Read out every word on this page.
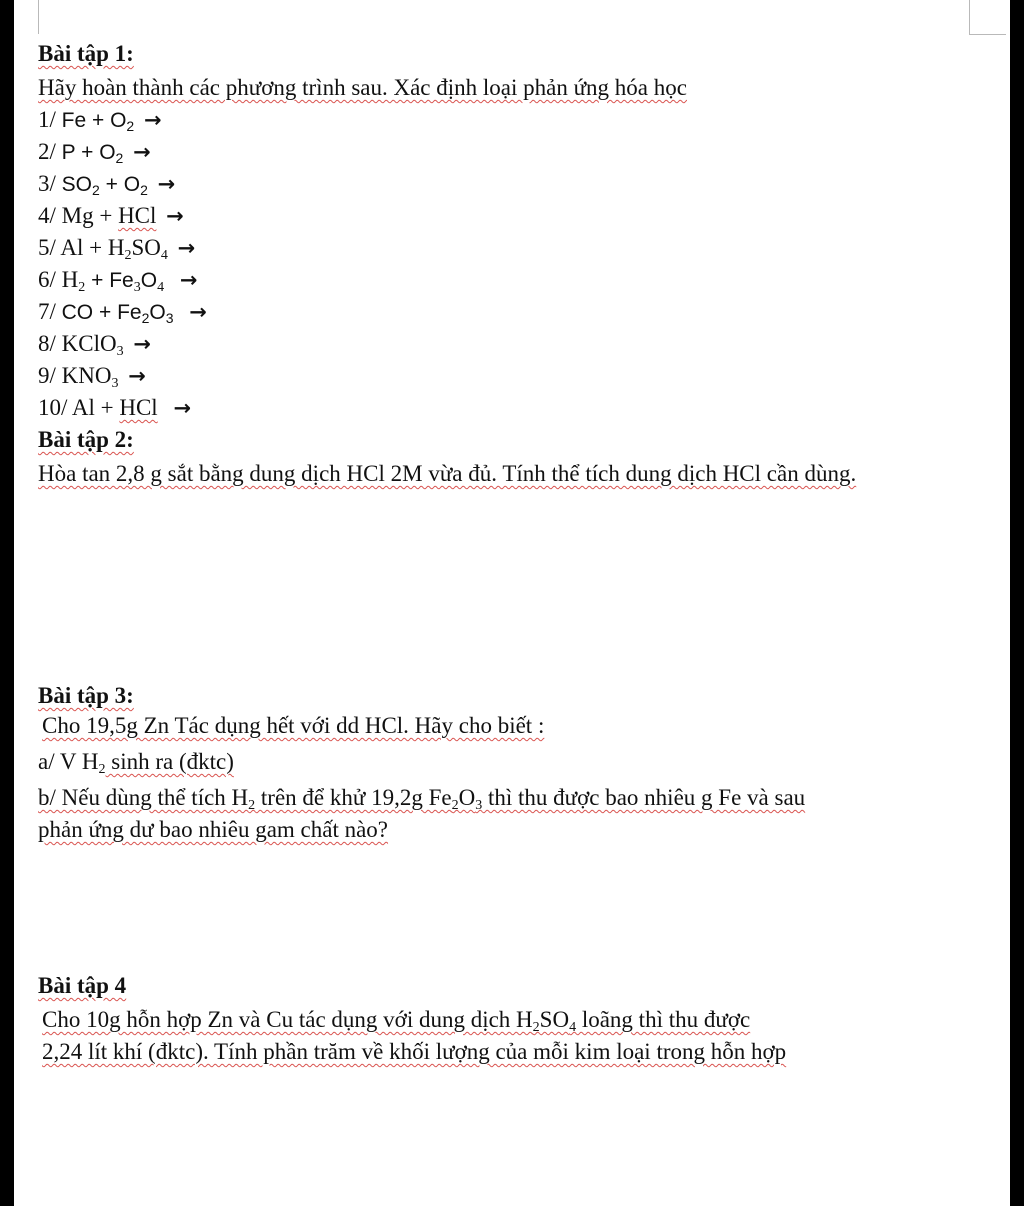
Bài tập 1:
Hãy hoàn thành các phương trình sau. Xác định loại phản ứng hóa học
1/ $Fe + O_2$ →
2/ $P + O_2$ →
3/ $SO_2 + O_2$ →
4/ Mg + HCl →
5/ $Al + H_2SO_4$ →
6/ $H_2 + Fe_3O_4$ →
7/ CO + $Fe_2O_3$ →
8/ KClO$_3$ →
9/ $KNO_3$ →
10/ Al + HCl →
Bài tập 2:
Hòa tan 2,8 g sắt bằng dung dịch HCl 2M vừa đủ. Tính thể tích dung dịch HCl cần dùng.
Bài tập 3:
Cho 19,5g Zn Tác dụng hết với dd HCl. Hãy cho biết :
a/ V $H_2$ sinh ra (đktc)
b/ Nếu dùng thể tích $H_2$ trên để khử 19,2g $Fe_2O_3$ thì thu được bao nhiêu g Fe và sau
phản ứng dư bao nhiêu gam chất nào?
Bài tập 4
Cho 10g hỗn hợp Zn và Cu tác dụng với dung dịch $H_2SO_4$ loãng thì thu được
2,24 lít khí (đktc). Tính phần trăm về khối lượng của mỗi kim loại trong hỗn hợp
